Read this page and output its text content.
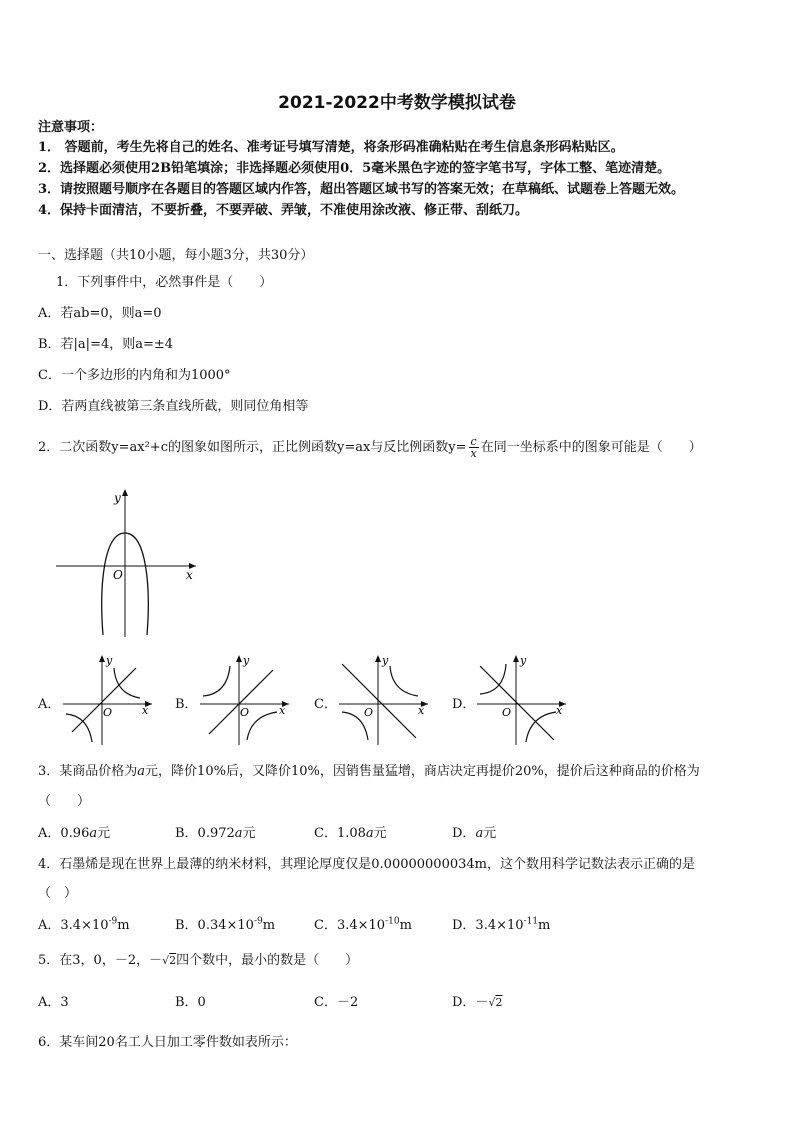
2021-2022中考数学模拟试卷
注意事项：
1． 答题前，考生先将自己的姓名、准考证号填写清楚，将条形码准确粘贴在考生信息条形码粘贴区。
2．选择题必须使用2B铅笔填涂；非选择题必须使用0．5毫米黑色字迹的签字笔书写，字体工整、笔迹清楚。
3．请按照题号顺序在各题目的答题区域内作答，超出答题区域书写的答案无效；在草稿纸、试题卷上答题无效。
4．保持卡面清洁，不要折叠，不要弄破、弄皱，不准使用涂改液、修正带、刮纸刀。
一、选择题（共10小题，每小题3分，共30分）
1．下列事件中，必然事件是（　　）
A．若ab=0，则a=0
B．若|a|=4，则a=±4
C．一个多边形的内角和为1000°
D．若两直线被第三条直线所截，则同位角相等
2．二次函数y=ax²+c的图象如图所示，正比例函数y=ax与反比例函数$y= \frac{c}{x}$ 在同一坐标系中的图象可能是（　　）
y
x
O
A．	B．	C．	D．
y
x
O
y
x
O
y
x
O
y
x
O
3．某商品价格为a元，降价10%后，又降价10%，因销售量猛增，商店决定再提价20%，提价后这种商品的价格为
（　　）
A．0.96a元	B．0.972a元	C．1.08a元	D．a元
4．石墨烯是现在世界上最薄的纳米材料，其理论厚度仅是0.00000000034m，这个数用科学记数法表示正确的是
（　）
A．$3.4\times 10^{-9}m$	B．$0.34\times 10^{-9}m$	C．$3.4\times 10^{-10}m$	D．$3.4\times 10^{-11}m$
5．在3，0，－2，－√2四个数中，最小的数是（　　）
A．3	B．0	C．－2	D．－√2
6．某车间20名工人日加工零件数如表所示：
